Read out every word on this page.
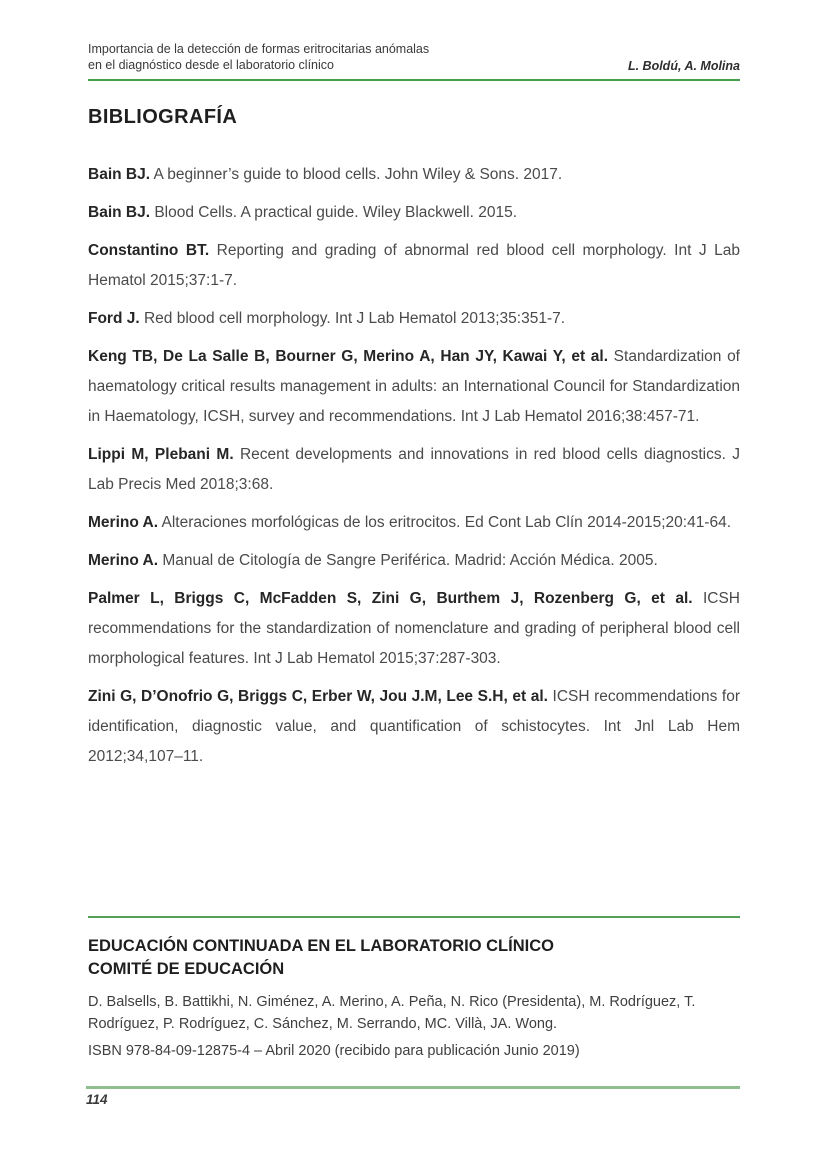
Importancia de la detección de formas eritrocitarias anómalas
en el diagnóstico desde el laboratorio clínico	L. Boldú, A. Molina
BIBLIOGRAFÍA

Bain BJ. A beginner’s guide to blood cells. John Wiley & Sons. 2017.

Bain BJ. Blood Cells. A practical guide. Wiley Blackwell. 2015.

Constantino BT. Reporting and grading of abnormal red blood cell morphology. Int J Lab Hematol 2015;37:1-7.

Ford J. Red blood cell morphology. Int J Lab Hematol 2013;35:351-7.

Keng TB, De La Salle B, Bourner G, Merino A, Han JY, Kawai Y, et al. Standardization of haematology critical results management in adults: an International Council for Standardization in Haematology, ICSH, survey and recommendations. Int J Lab Hematol 2016;38:457-71.

Lippi M, Plebani M. Recent developments and innovations in red blood cells diagnostics. J Lab Precis Med 2018;3:68.

Merino A. Alteraciones morfológicas de los eritrocitos. Ed Cont Lab Clín 2014-2015;20:41-64.

Merino A. Manual de Citología de Sangre Periférica. Madrid: Acción Médica. 2005.

Palmer L, Briggs C, McFadden S, Zini G, Burthem J, Rozenberg G, et al. ICSH recommendations for the standardization of nomenclature and grading of peripheral blood cell morphological features. Int J Lab Hematol 2015;37:287-303.

Zini G, D’Onofrio G, Briggs C, Erber W, Jou J.M, Lee S.H, et al. ICSH recommendations for identification, diagnostic value, and quantification of schistocytes. Int Jnl Lab Hem 2012;34,107–11.

EDUCACIÓN CONTINUADA EN EL LABORATORIO CLÍNICO
COMITÉ DE EDUCACIÓN
D. Balsells, B. Battikhi, N. Giménez, A. Merino, A. Peña, N. Rico (Presidenta), M. Rodríguez, T. Rodríguez, P. Rodríguez, C. Sánchez, M. Serrando, MC. Villà, JA. Wong.
ISBN 978-84-09-12875-4 – Abril 2020 (recibido para publicación Junio 2019)
114
